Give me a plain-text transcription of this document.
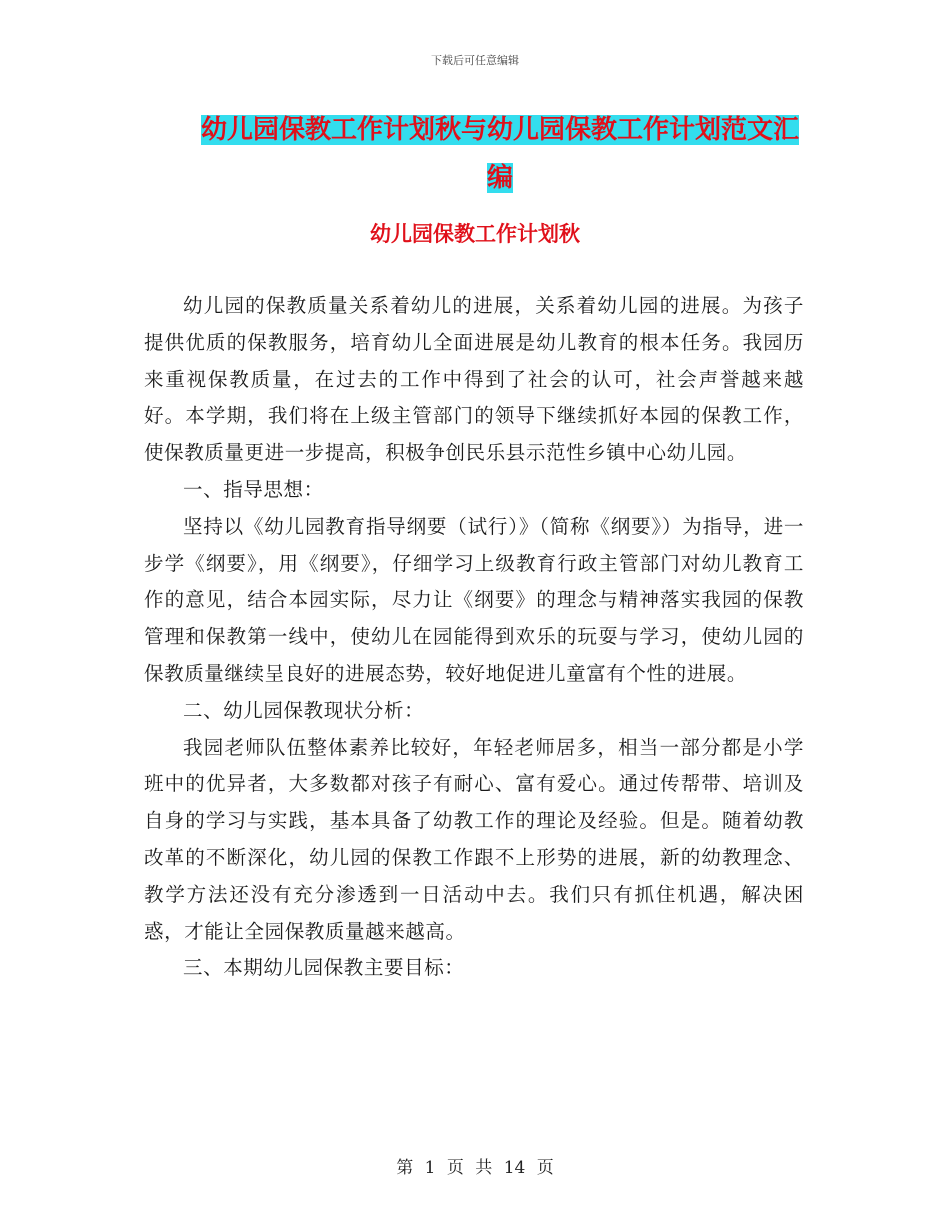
下载后可任意编辑
幼儿园保教工作计划秋与幼儿园保教工作计划范文汇编
幼儿园保教工作计划秋

幼儿园的保教质量关系着幼儿的进展，关系着幼儿园的进展。为孩子提供优质的保教服务，培育幼儿全面进展是幼儿教育的根本任务。我园历来重视保教质量，在过去的工作中得到了社会的认可，社会声誉越来越好。本学期，我们将在上级主管部门的领导下继续抓好本园的保教工作，使保教质量更进一步提高，积极争创民乐县示范性乡镇中心幼儿园。

一、指导思想：

坚持以《幼儿园教育指导纲要（试行）》（简称《纲要》）为指导，进一步学《纲要》，用《纲要》，仔细学习上级教育行政主管部门对幼儿教育工作的意见，结合本园实际，尽力让《纲要》的理念与精神落实我园的保教管理和保教第一线中，使幼儿在园能得到欢乐的玩耍与学习，使幼儿园的保教质量继续呈良好的进展态势，较好地促进儿童富有个性的进展。

二、幼儿园保教现状分析：

我园老师队伍整体素养比较好，年轻老师居多，相当一部分都是小学班中的优异者，大多数都对孩子有耐心、富有爱心。通过传帮带、培训及自身的学习与实践，基本具备了幼教工作的理论及经验。但是。随着幼教改革的不断深化，幼儿园的保教工作跟不上形势的进展，新的幼教理念、教学方法还没有充分渗透到一日活动中去。我们只有抓住机遇，解决困惑，才能让全园保教质量越来越高。

三、本期幼儿园保教主要目标：

第 1 页 共 14 页
